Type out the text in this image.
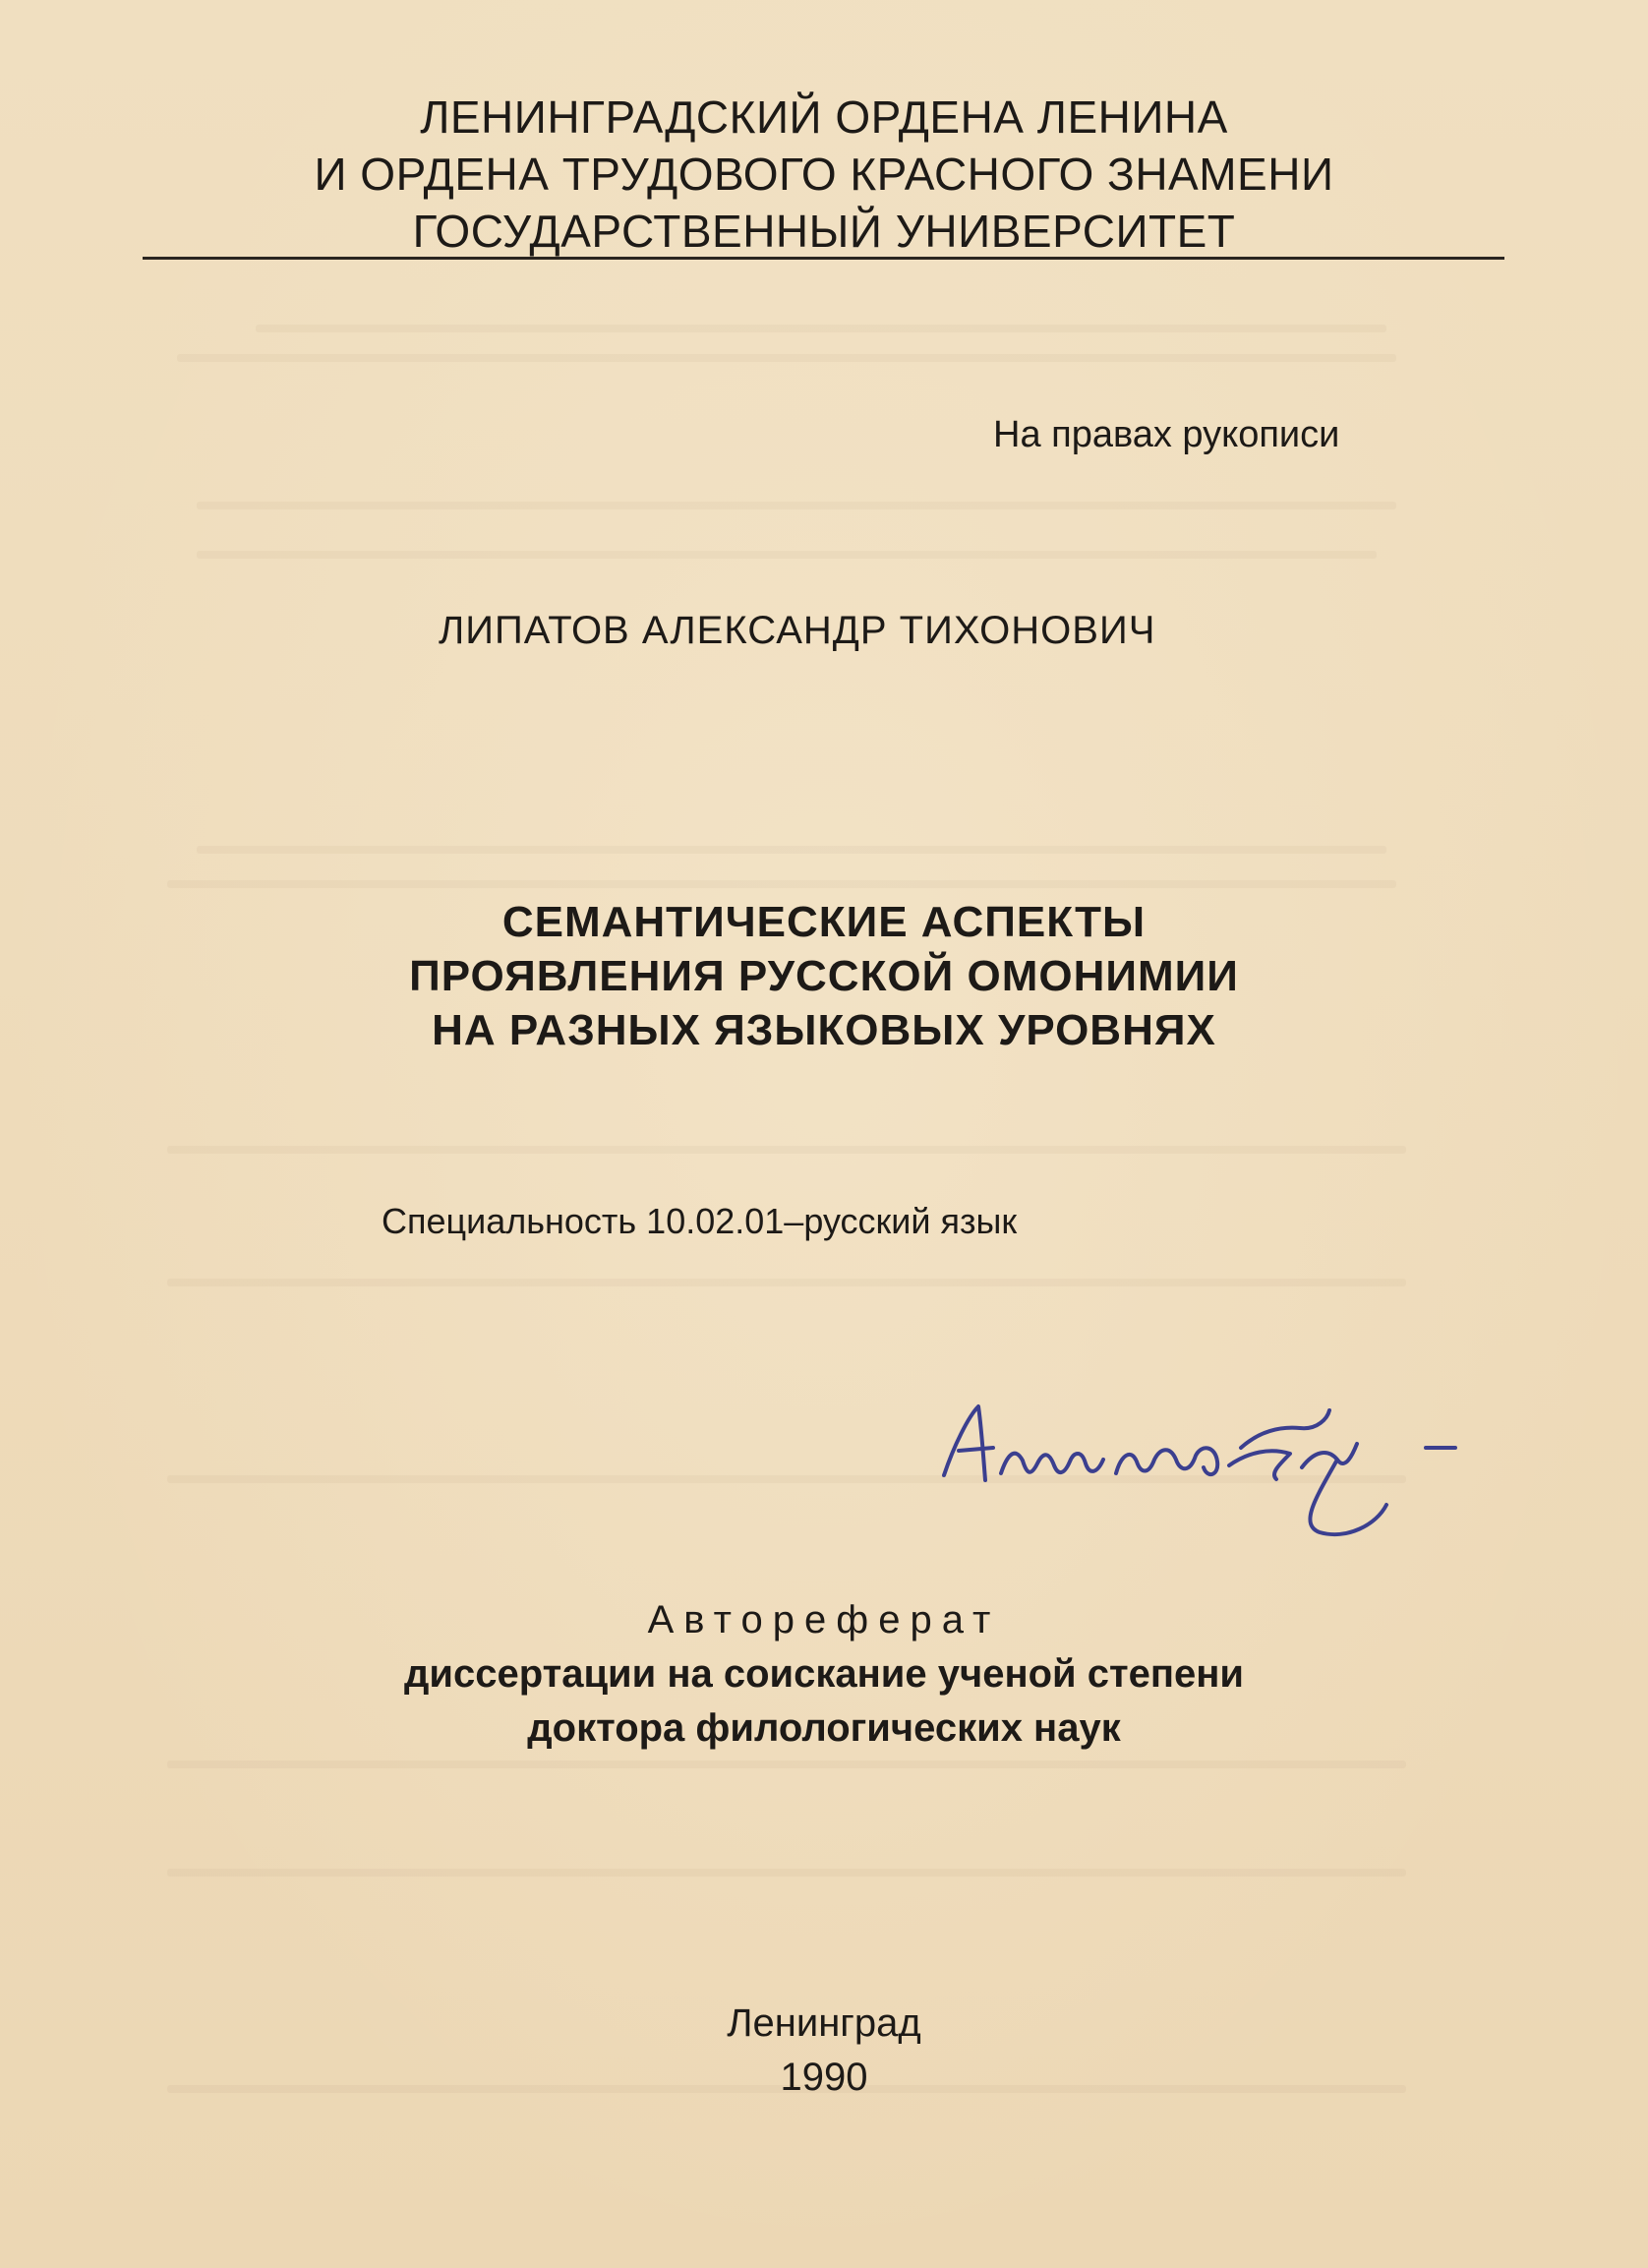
ЛЕНИНГРАДСКИЙ ОРДЕНА ЛЕНИНА
И ОРДЕНА ТРУДОВОГО КРАСНОГО ЗНАМЕНИ
ГОСУДАРСТВЕННЫЙ УНИВЕРСИТЕТ
На правах рукописи
ЛИПАТОВ АЛЕКСАНДР ТИХОНОВИЧ
СЕМАНТИЧЕСКИЕ АСПЕКТЫ
ПРОЯВЛЕНИЯ РУССКОЙ ОМОНИМИИ
НА РАЗНЫХ ЯЗЫКОВЫХ УРОВНЯХ
Специальность 10.02.01–русский язык
Автореферат
диссертации на соискание ученой степени
доктора филологических наук
Ленинград
1990
